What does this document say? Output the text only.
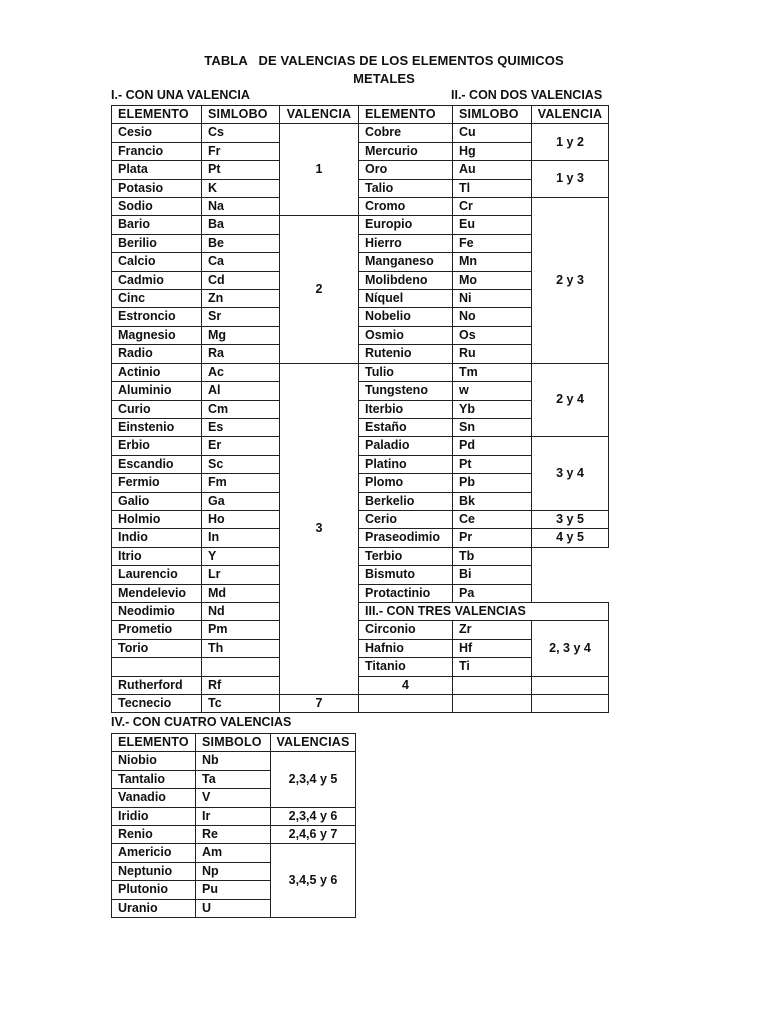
TABLA   DE VALENCIAS DE LOS ELEMENTOS QUIMICOS
METALES
I.- CON UNA VALENCIA	II.- CON DOS VALENCIAS
IV.- CON CUATRO VALENCIAS
ELEMENTO	SIMLOBO	VALENCIA	ELEMENTO	SIMLOBO	VALENCIA	
Cesio	Cs	1	Cobre	Cu	1 y 2	
Francio	Fr		Mercurio	Hg		
Plata	Pt		Oro	Au	1 y 3	
Potasio	K		Talio	Tl		
Sodio	Na		Cromo	Cr	2 y 3	
Bario	Ba	2	Europio	Eu		
Berilio	Be		Hierro	Fe		
Calcio	Ca		Manganeso	Mn		
Cadmio	Cd		Molibdeno	Mo		
Cinc	Zn		Níquel	Ni		
Estroncio	Sr		Nobelio	No		
Magnesio	Mg		Osmio	Os		
Radio	Ra		Rutenio	Ru		
Actinio	Ac	3	Tulio	Tm	2 y 4	
Aluminio	Al		Tungsteno	w		
Curio	Cm		Iterbio	Yb		
Einstenio	Es		Estaño	Sn		
Erbio	Er		Paladio	Pd	3 y 4	
Escandio	Sc		Platino	Pt		
Fermio	Fm		Plomo	Pb		
Galio	Ga		Berkelio	Bk		
Holmio	Ho		Cerio	Ce	3 y 5	
Indio	In		Praseodimio	Pr	4 y 5	
Itrio	Y		Terbio	Tb		
Laurencio	Lr		Bismuto	Bi		
Mendelevio	Md		Protactinio	Pa		
Neodimio	Nd		III.- CON TRES VALENCIAS			
Prometio	Pm		Circonio	Zr	2, 3 y 4	
Torio	Th		Hafnio	Hf		
			Titanio	Ti		
Rutherford	Rf		4			
Tecnecio	Tc	7				
ELEMENTO	SIMBOLO	VALENCIAS
Niobio	Nb	2,3,4 y 5
Tantalio	Ta	
Vanadio	V	
Iridio	Ir	2,3,4 y 6
Renio	Re	2,4,6 y 7
Americio	Am	3,4,5 y 6
Neptunio	Np	
Plutonio	Pu	
Uranio	U	
